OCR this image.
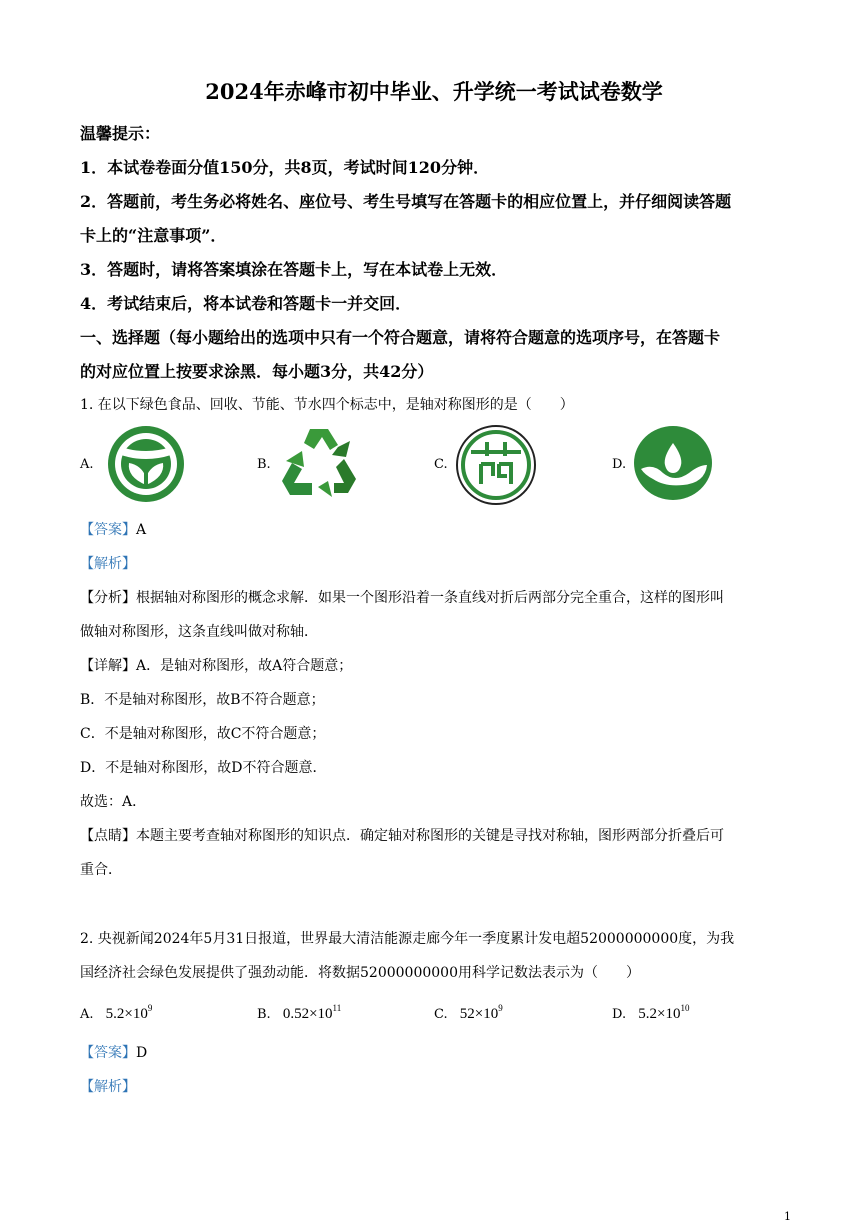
2024年赤峰市初中毕业、升学统一考试试卷数学
温馨提示：
1．本试卷卷面分值150分，共8页，考试时间120分钟．
2．答题前，考生务必将姓名、座位号、考生号填写在答题卡的相应位置上，并仔细阅读答题
卡上的“注意事项”．
3．答题时，请将答案填涂在答题卡上，写在本试卷上无效．
4．考试结束后，将本试卷和答题卡一并交回．
一、选择题（每小题给出的选项中只有一个符合题意，请将符合题意的选项序号，在答题卡
的对应位置上按要求涂黑．每小题3分，共42分）
1. 在以下绿色食品、回收、节能、节水四个标志中，是轴对称图形的是（　　）
A.	B.	C.	D.
【答案】A
【解析】
【分析】根据轴对称图形的概念求解．如果一个图形沿着一条直线对折后两部分完全重合，这样的图形叫
做轴对称图形，这条直线叫做对称轴．
【详解】A．是轴对称图形，故A符合题意；
B．不是轴对称图形，故B不符合题意；
C．不是轴对称图形，故C不符合题意；
D．不是轴对称图形，故D不符合题意．
故选：A．
【点睛】本题主要考查轴对称图形的知识点．确定轴对称图形的关键是寻找对称轴，图形两部分折叠后可
重合．
2. 央视新闻2024年5月31日报道，世界最大清洁能源走廊今年一季度累计发电超52000000000度，为我
国经济社会绿色发展提供了强劲动能．将数据52000000000用科学记数法表示为（　　）
A. $5.2\times 10^9$	B. $0.52\times 10^{11}$	C. $52\times 10^9$	D. $5.2\times 10^{10}$
【答案】D
【解析】
1
